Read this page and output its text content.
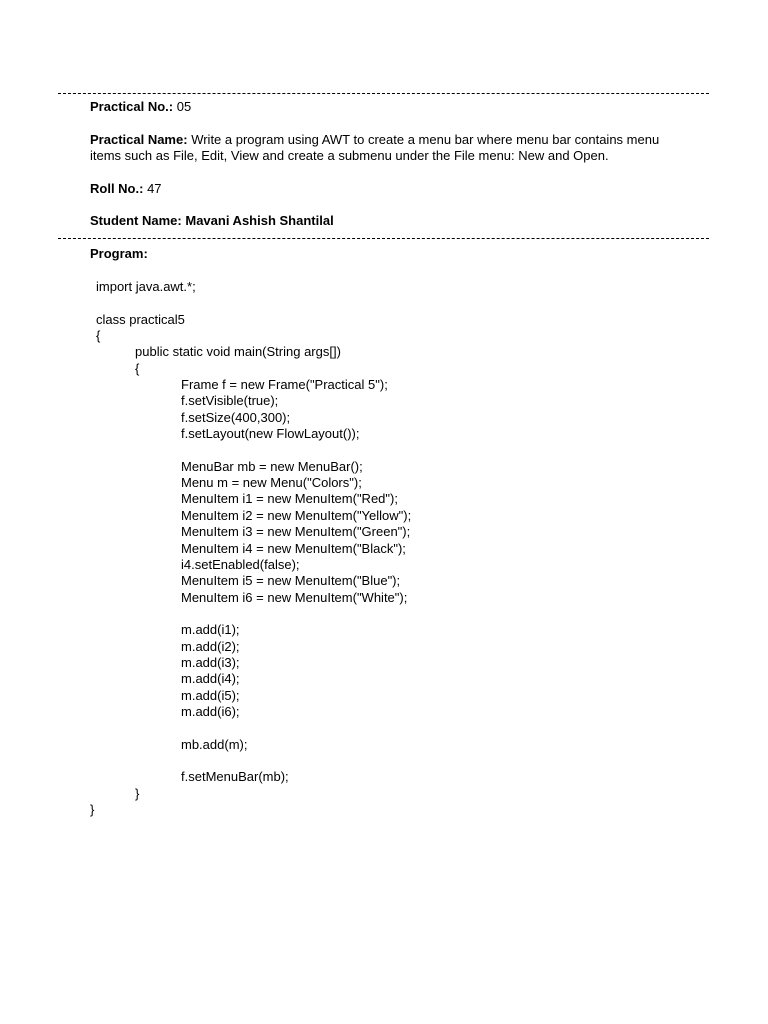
Practical No.: 05
Practical Name: Write a program using AWT to create a menu bar where menu bar contains menu items such as File, Edit, View and create a submenu under the File menu: New and Open.
Roll No.: 47
Student Name: Mavani Ashish Shantilal
Program:
import java.awt.*;
class practical5
{
public static void main(String args[])
{
Frame f = new Frame("Practical 5");
f.setVisible(true);
f.setSize(400,300);
f.setLayout(new FlowLayout());
MenuBar mb = new MenuBar();
Menu m = new Menu("Colors");
MenuItem i1 = new MenuItem("Red");
MenuItem i2 = new MenuItem("Yellow");
MenuItem i3 = new MenuItem("Green");
MenuItem i4 = new MenuItem("Black");
i4.setEnabled(false);
MenuItem i5 = new MenuItem("Blue");
MenuItem i6 = new MenuItem("White");
m.add(i1);
m.add(i2);
m.add(i3);
m.add(i4);
m.add(i5);
m.add(i6);
mb.add(m);
f.setMenuBar(mb);
}
}
